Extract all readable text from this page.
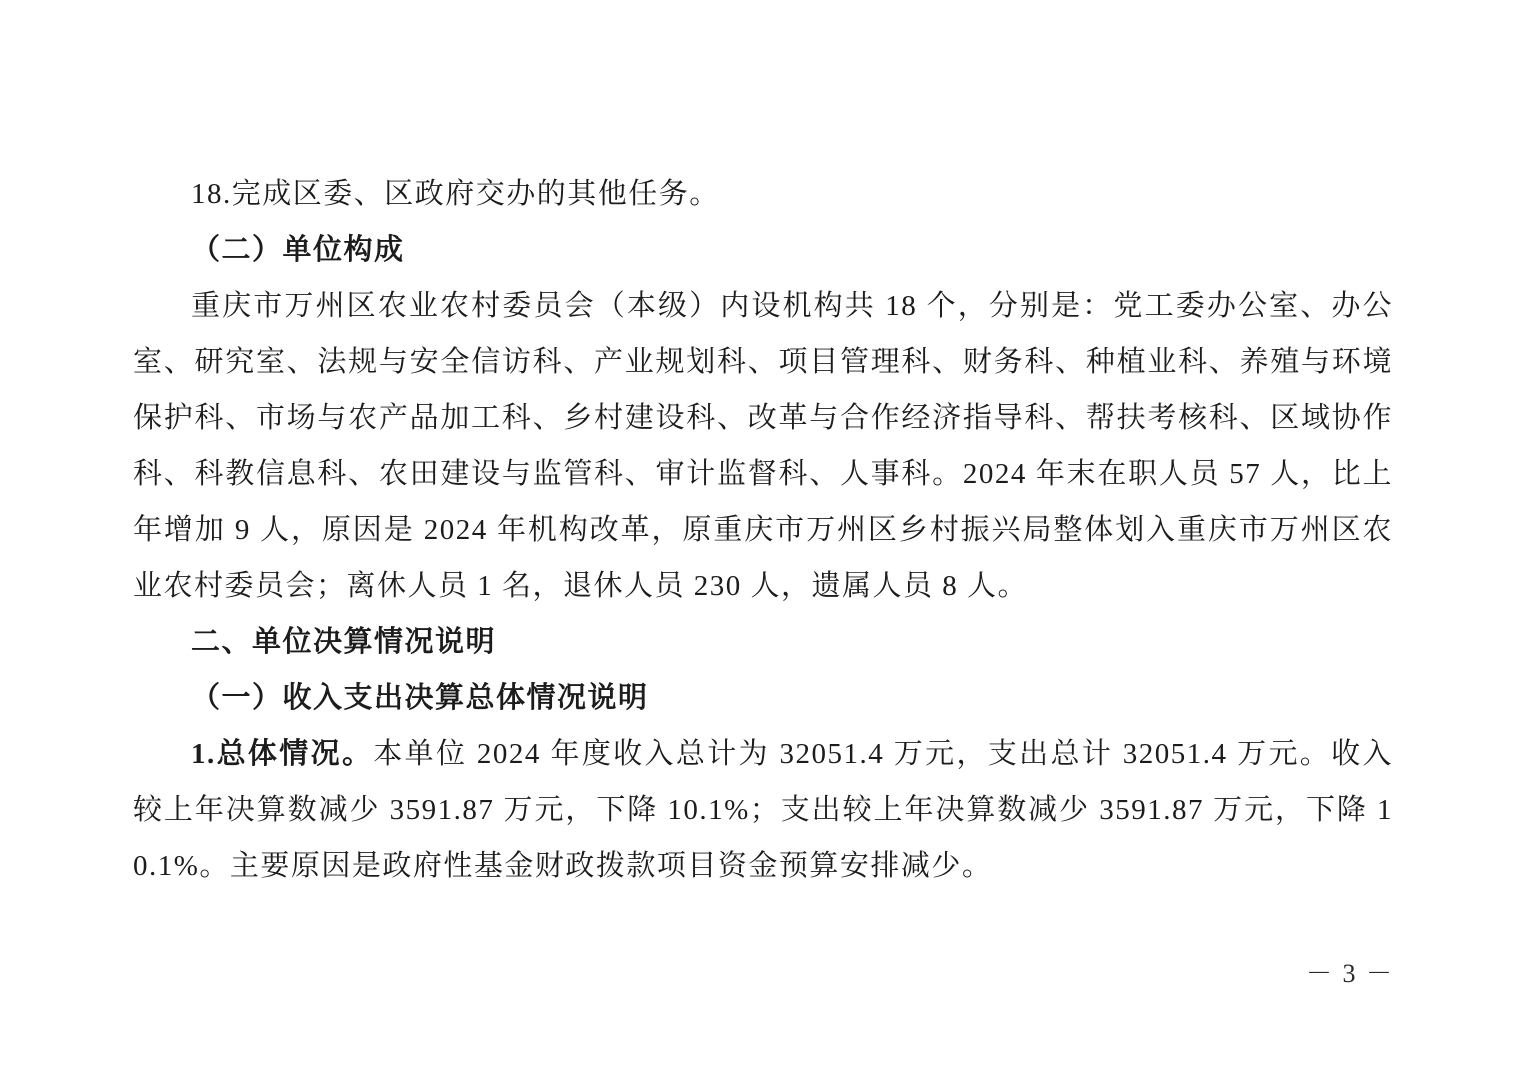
18.完成区委、区政府交办的其他任务。

（二）单位构成

重庆市万州区农业农村委员会（本级）内设机构共 18 个，分别是：党工委办公室、办公室、研究室、法规与安全信访科、产业规划科、项目管理科、财务科、种植业科、养殖与环境保护科、市场与农产品加工科、乡村建设科、改革与合作经济指导科、帮扶考核科、区域协作科、科教信息科、农田建设与监管科、审计监督科、人事科。2024 年末在职人员 57 人，比上年增加 9 人，原因是 2024 年机构改革，原重庆市万州区乡村振兴局整体划入重庆市万州区农业农村委员会；离休人员 1 名，退休人员 230 人，遗属人员 8 人。

二、单位决算情况说明

（一）收入支出决算总体情况说明

1.总体情况。本单位 2024 年度收入总计为 32051.4 万元，支出总计 32051.4 万元。收入较上年决算数减少 3591.87 万元，下降 10.1%；支出较上年决算数减少 3591.87 万元，下降 10.1%。主要原因是政府性基金财政拨款项目资金预算安排减少。

－ 3 －
